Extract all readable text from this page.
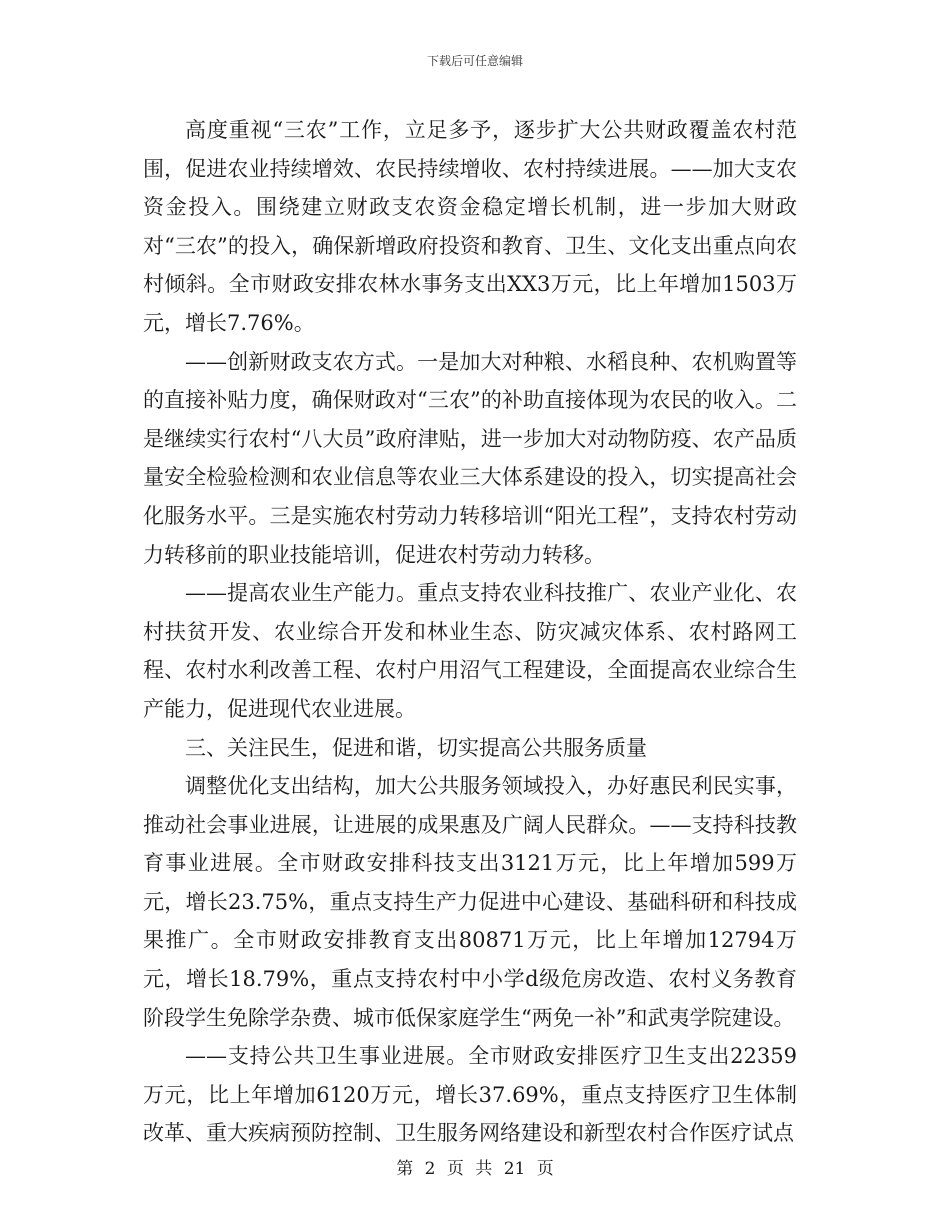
下载后可任意编辑

高度重视“三农”工作，立足多予，逐步扩大公共财政覆盖农村范围，促进农业持续增效、农民持续增收、农村持续进展。——加大支农资金投入。围绕建立财政支农资金稳定增长机制，进一步加大财政对“三农”的投入，确保新增政府投资和教育、卫生、文化支出重点向农村倾斜。全市财政安排农林水事务支出XX3万元，比上年增加1503万元，增长7.76%。

——创新财政支农方式。一是加大对种粮、水稻良种、农机购置等的直接补贴力度，确保财政对“三农”的补助直接体现为农民的收入。二是继续实行农村“八大员”政府津贴，进一步加大对动物防疫、农产品质量安全检验检测和农业信息等农业三大体系建设的投入，切实提高社会化服务水平。三是实施农村劳动力转移培训“阳光工程”，支持农村劳动力转移前的职业技能培训，促进农村劳动力转移。

——提高农业生产能力。重点支持农业科技推广、农业产业化、农村扶贫开发、农业综合开发和林业生态、防灾减灾体系、农村路网工程、农村水利改善工程、农村户用沼气工程建设，全面提高农业综合生产能力，促进现代农业进展。

三、关注民生，促进和谐，切实提高公共服务质量

调整优化支出结构，加大公共服务领域投入，办好惠民利民实事，推动社会事业进展，让进展的成果惠及广阔人民群众。——支持科技教育事业进展。全市财政安排科技支出3121万元，比上年增加599万元，增长23.75%，重点支持生产力促进中心建设、基础科研和科技成果推广。全市财政安排教育支出80871万元，比上年增加12794万元，增长18.79%，重点支持农村中小学d级危房改造、农村义务教育阶段学生免除学杂费、城市低保家庭学生“两免一补”和武夷学院建设。

——支持公共卫生事业进展。全市财政安排医疗卫生支出22359万元，比上年增加6120万元，增长37.69%，重点支持医疗卫生体制改革、重大疾病预防控制、卫生服务网络建设和新型农村合作医疗试点

第 2 页 共 21 页
